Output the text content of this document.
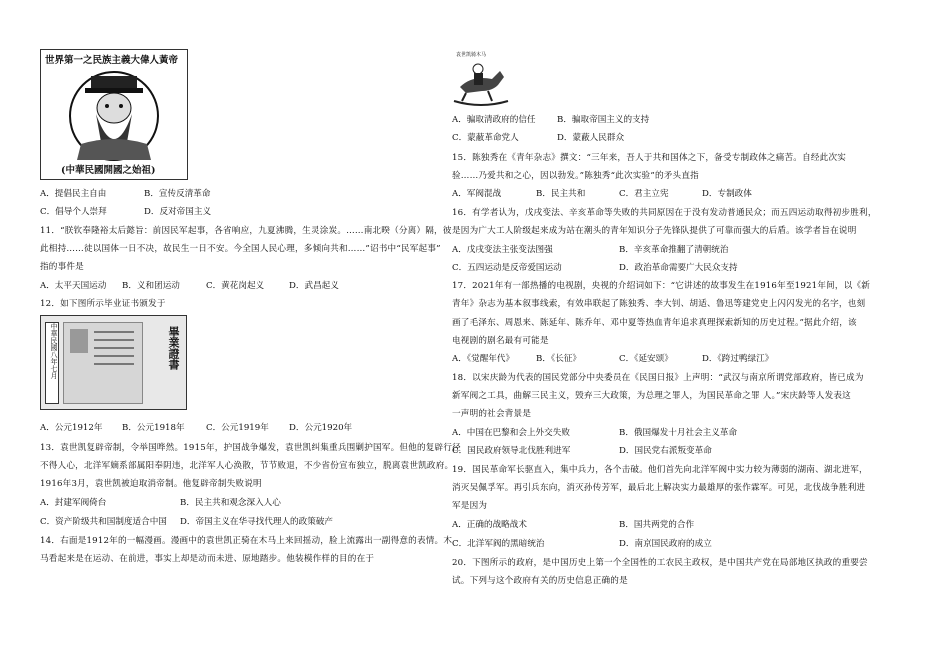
世界第一之民族主義大偉人黃帝
(中華民國開國之始祖)
A．提倡民主自由	B．宣传反清革命
C．倡导个人崇拜	D．反对帝国主义
11．“朕钦奉隆裕太后懿旨：前因民军起事，各省响应，九夏沸腾，生灵涂炭。……南北暌（分离）隔，彼
此相持……徒以国体一日不决，故民生一日不安。今全国人民心理，多倾向共和……”诏书中“民军起事”
指的事件是
A．太平天国运动 B．义和团运动	C．黄花岗起义	D．武昌起义
12．如下图所示毕业证书颁发于
中華民國八年七月	畢業證書
A．公元1912年 B．公元1918年 C．公元1919年 D．公元1920年
13．袁世凯复辟帝制，令举国哗然。1915年，护国战争爆发，袁世凯纠集重兵围剿护国军。但他的复辟行径
不得人心，北洋军嫡系部属阳奉阴违，北洋军人心涣散，节节败退，不少省份宣布独立，脱离袁世凯政府。
1916年3月，袁世凯被迫取消帝制。他复辟帝制失败说明
A．封建军阀倚台	B．民主共和观念深入人心
C．资产阶级共和国制度适合中国 D．帝国主义在华寻找代理人的政策破产
14．右面是1912年的一幅漫画。漫画中的袁世凯正骑在木马上来回摇动，脸上流露出一副得意的表情。木
马看起来是在运动、在前进，事实上却是动而未进、原地踏步。他装模作样的目的在于
袁世凯骑木马
A．骗取清政府的信任 B．骗取帝国主义的支持
C．蒙蔽革命党人	D．蒙蔽人民群众
15．陈独秀在《青年杂志》撰文：“三年来，吾人于共和国体之下，备受专制政体之痛苦。自经此次实
验……乃爱共和之心，因以勃发。”陈独秀“此次实验”的矛头直指
A．军阀混战	B．民主共和	C．君主立宪	D．专制政体
16．有学者认为，戊戌变法、辛亥革命等失败的共同原因在于没有发动普通民众；而五四运动取得初步胜利，
是因为广大工人阶级起来成为站在潮头的青年知识分子先锋队提供了可靠而强大的后盾。该学者旨在说明
A．戊戌变法主张变法图强	B．辛亥革命推翻了清朝统治
C．五四运动是反帝爱国运动	D．政治革命需要广大民众支持
17．2021年有一部热播的电视剧，央视的介绍词如下：“它讲述的故事发生在1916年至1921年间，以《新
青年》杂志为基本叙事线索，有效串联起了陈独秀、李大钊、胡适、鲁迅等建党史上闪闪发光的名字，也刻
画了毛泽东、周恩来、陈延年、陈乔年、邓中夏等热血青年追求真理探索新知的历史过程。”据此介绍，该
电视剧的剧名最有可能是
A．《觉醒年代》	B．《长征》	C．《延安颂》	D．《跨过鸭绿江》
18．以宋庆龄为代表的国民党部分中央委员在《民国日报》上声明：“武汉与南京所谓党部政府，皆已成为
新军阀之工具，曲解三民主义，毁弃三大政策，为总理之罪人，为国民革命之罪 人。”宋庆龄等人发表这
一声明的社会背景是
A．中国在巴黎和会上外交失败	B．俄国爆发十月社会主义革命
C．国民政府领导北伐胜利进军	D．国民党右派叛变革命
19．国民革命军长驱直入，集中兵力，各个击破。他们首先向北洋军阀中实力较为薄弱的湖南、湖北进军，
消灭吴佩孚军。再引兵东向，消灭孙传芳军，最后北上解决实力最雄厚的张作霖军。可见，北伐战争胜利进
军是因为
A．正确的战略战术	B．国共两党的合作
C．北洋军阀的黑暗统治	D．南京国民政府的成立
20．下图所示的政府，是中国历史上第一个全国性的工农民主政权，是中国共产党在局部地区执政的重要尝
试。下列与这个政府有关的历史信息正确的是
